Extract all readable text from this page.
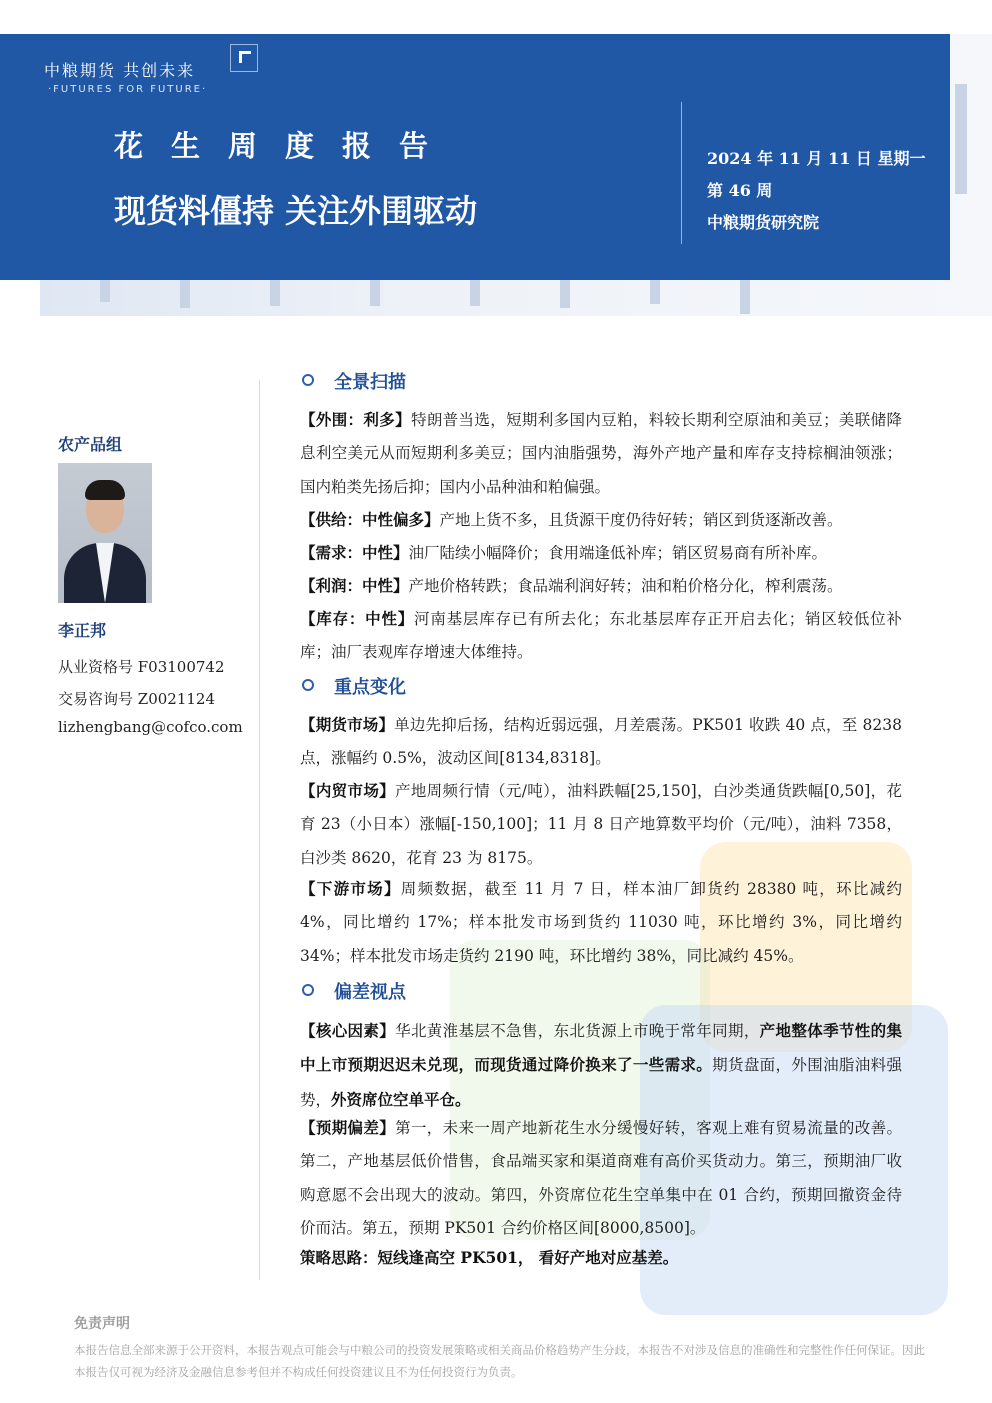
中粮期货 共创未来
·FUTURES FOR FUTURE·
花生周度报告
现货料僵持 关注外围驱动
2024 年 11 月 11 日 星期一
第 46 周
中粮期货研究院
农产品组
李正邦
从业资格号 F03100742
交易咨询号 Z0021124
lizhengbang@cofco.com
全景扫描
【外围：利多】特朗普当选，短期利多国内豆粕，料较长期利空原油和美豆；美联储降息利空美元从而短期利多美豆；国内油脂强势，海外产地产量和库存支持棕榈油领涨；国内粕类先扬后抑；国内小品种油和粕偏强。
【供给：中性偏多】产地上货不多，且货源干度仍待好转；销区到货逐渐改善。
【需求：中性】油厂陆续小幅降价；食用端逢低补库；销区贸易商有所补库。
【利润：中性】产地价格转跌；食品端利润好转；油和粕价格分化，榨利震荡。
【库存：中性】河南基层库存已有所去化；东北基层库存正开启去化；销区较低位补库；油厂表观库存增速大体维持。
重点变化
【期货市场】单边先抑后扬，结构近弱远强，月差震荡。PK501 收跌 40 点，至 8238 点，涨幅约 0.5%，波动区间[8134,8318]。
【内贸市场】产地周频行情（元/吨），油料跌幅[25,150]，白沙类通货跌幅[0,50]，花育 23（小日本）涨幅[-150,100]；11 月 8 日产地算数平均价（元/吨），油料 7358，白沙类 8620，花育 23 为 8175。
【下游市场】周频数据，截至 11 月 7 日，样本油厂卸货约 28380 吨，环比减约 4%，同比增约 17%；样本批发市场到货约 11030 吨，环比增约 3%，同比增约 34%；样本批发市场走货约 2190 吨，环比增约 38%，同比减约 45%。
偏差视点
【核心因素】华北黄淮基层不急售，东北货源上市晚于常年同期，产地整体季节性的集中上市预期迟迟未兑现，而现货通过降价换来了一些需求。期货盘面，外围油脂油料强势，外资席位空单平仓。
【预期偏差】第一，未来一周产地新花生水分缓慢好转，客观上难有贸易流量的改善。第二，产地基层低价惜售，食品端买家和渠道商难有高价买货动力。第三，预期油厂收购意愿不会出现大的波动。第四，外资席位花生空单集中在 01 合约，预期回撤资金待价而沽。第五，预期 PK501 合约价格区间[8000,8500]。
策略思路：短线逢高空 PK501， 看好产地对应基差。
免责声明
本报告信息全部来源于公开资料，本报告观点可能会与中粮公司的投资发展策略或相关商品价格趋势产生分歧，本报告不对涉及信息的准确性和完整性作任何保证。因此本报告仅可视为经济及金融信息参考但并不构成任何投资建议且不为任何投资行为负责。
